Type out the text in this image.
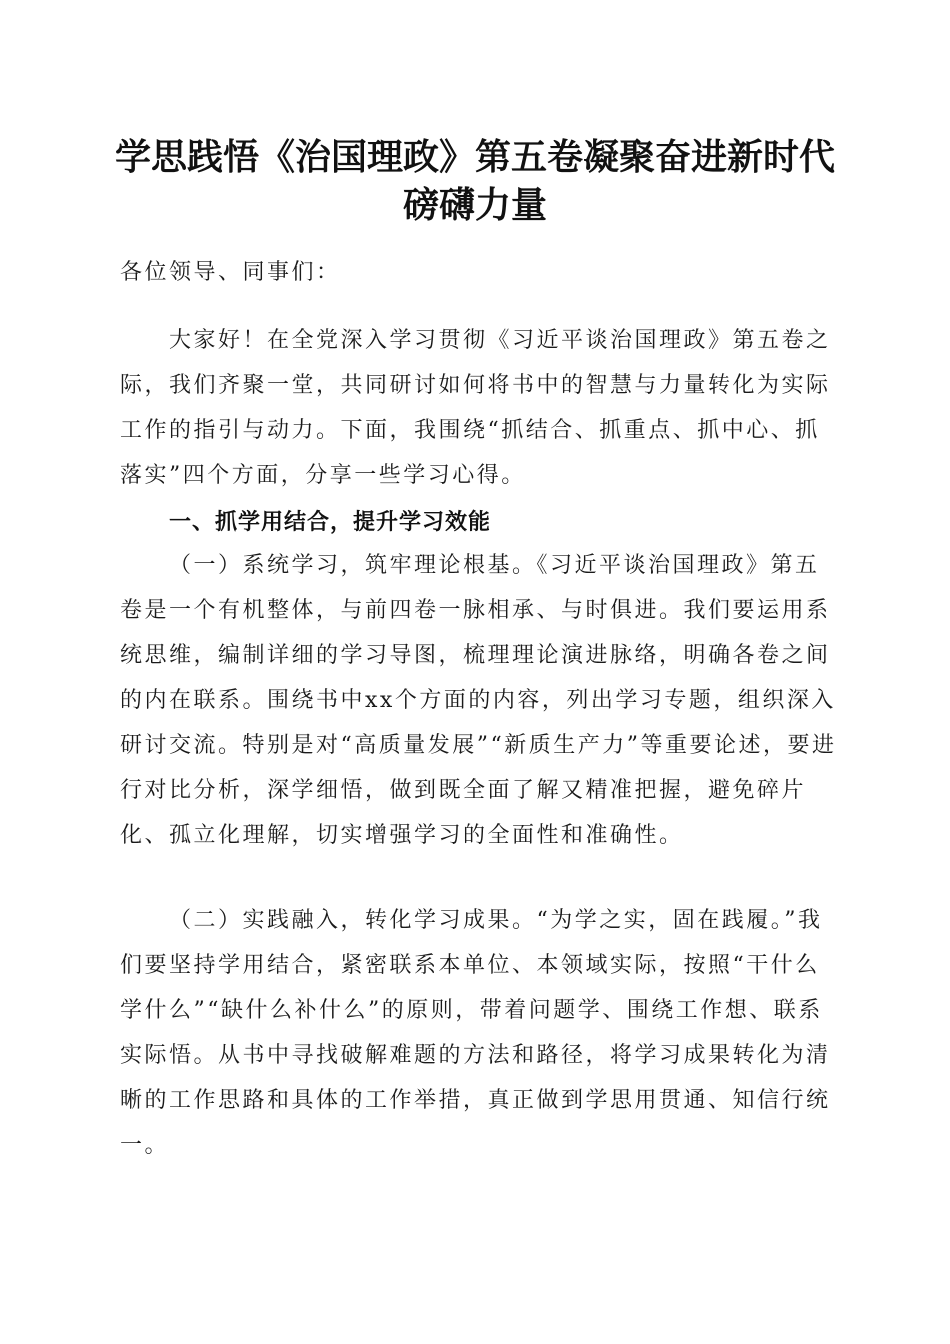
学思践悟《治国理政》第五卷凝聚奋进新时代
磅礴力量
各位领导、同事们：
大家好！在全党深入学习贯彻《习近平谈治国理政》第五卷之际，我们齐聚一堂，共同研讨如何将书中的智慧与力量转化为实际工作的指引与动力。下面，我围绕“抓结合、抓重点、抓中心、抓落实”四个方面，分享一些学习心得。
一、抓学用结合，提升学习效能
（一）系统学习，筑牢理论根基。《习近平谈治国理政》第五卷是一个有机整体，与前四卷一脉相承、与时俱进。我们要运用系统思维，编制详细的学习导图，梳理理论演进脉络，明确各卷之间的内在联系。围绕书中xx个方面的内容，列出学习专题，组织深入研讨交流。特别是对“高质量发展”“新质生产力”等重要论述，要进行对比分析，深学细悟，做到既全面了解又精准把握，避免碎片化、孤立化理解，切实增强学习的全面性和准确性。
（二）实践融入，转化学习成果。“为学之实，固在践履。”我们要坚持学用结合，紧密联系本单位、本领域实际，按照“干什么学什么”“缺什么补什么”的原则，带着问题学、围绕工作想、联系实际悟。从书中寻找破解难题的方法和路径，将学习成果转化为清晰的工作思路和具体的工作举措，真正做到学思用贯通、知信行统一。
